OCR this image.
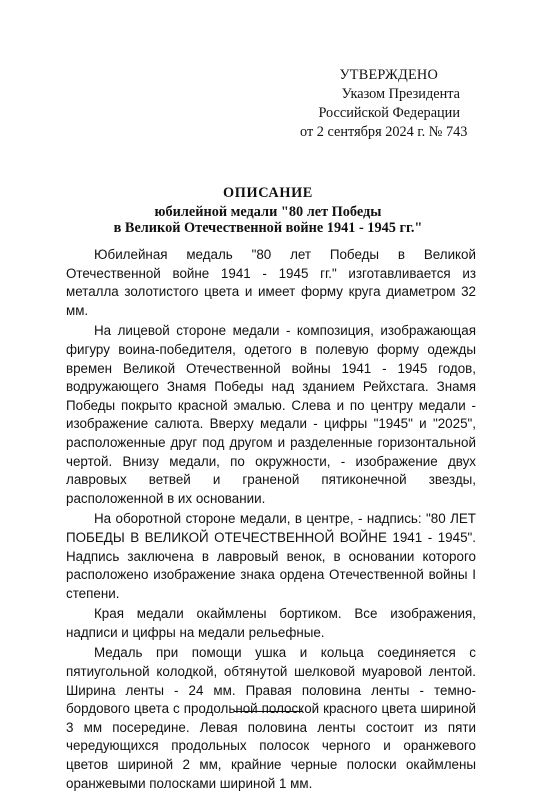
УТВЕРЖДЕНО
Указом Президента
Российской Федерации
от 2 сентября 2024 г. № 743
ОПИСАНИЕ
юбилейной медали "80 лет Победы
в Великой Отечественной войне 1941 - 1945 гг."

Юбилейная медаль "80 лет Победы в Великой Отечественной войне 1941 - 1945 гг." изготавливается из металла золотистого цвета и имеет форму круга диаметром 32 мм.

На лицевой стороне медали - композиция, изображающая фигуру воина-победителя, одетого в полевую форму одежды времен Великой Отечественной войны 1941 - 1945 годов, водружающего Знамя Победы над зданием Рейхстага. Знамя Победы покрыто красной эмалью. Слева и по центру медали - изображение салюта. Вверху медали - цифры "1945" и "2025", расположенные друг под другом и разделенные горизонтальной чертой. Внизу медали, по окружности, - изображение двух лавровых ветвей и граненой пятиконечной звезды, расположенной в их основании.

На оборотной стороне медали, в центре, - надпись: "80 ЛЕТ ПОБЕДЫ В ВЕЛИКОЙ ОТЕЧЕСТВЕННОЙ ВОЙНЕ 1941 - 1945". Надпись заключена в лавровый венок, в основании которого расположено изображение знака ордена Отечественной войны I степени.

Края медали окаймлены бортиком. Все изображения, надписи и цифры на медали рельефные.

Медаль при помощи ушка и кольца соединяется с пятиугольной колодкой, обтянутой шелковой муаровой лентой. Ширина ленты - 24 мм. Правая половина ленты - темно-бордового цвета с продольной полоской красного цвета шириной 3 мм посередине. Левая половина ленты состоит из пяти чередующихся продольных полосок черного и оранжевого цветов шириной 2 мм, крайние черные полоски окаймлены оранжевыми полосками шириной 1 мм.
